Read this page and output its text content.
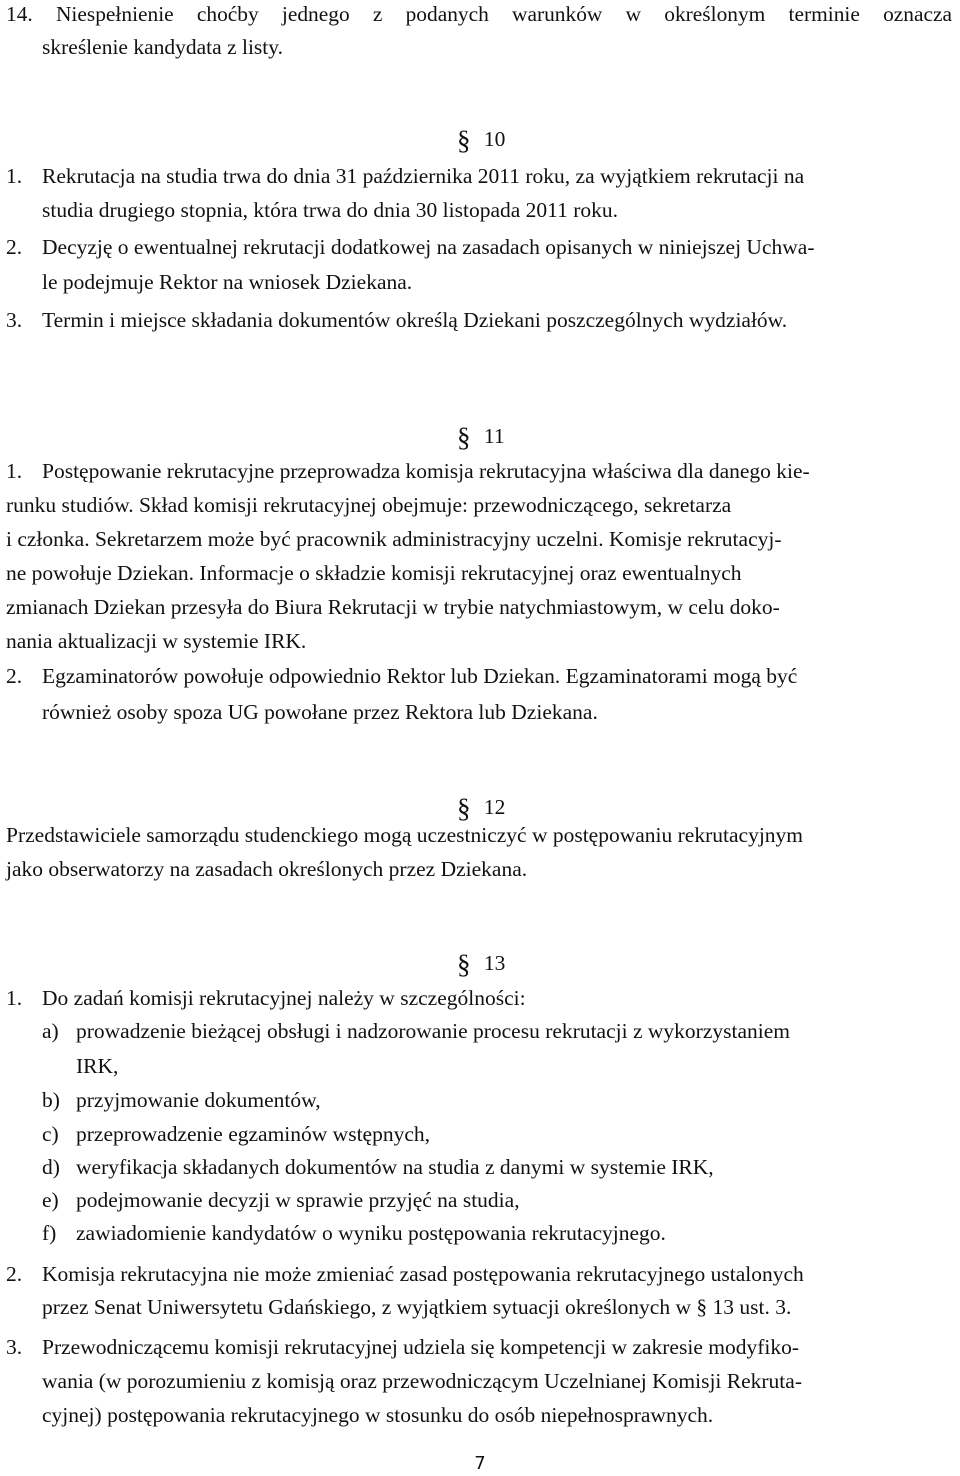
14. Niespełnienie choćby jednego z podanych warunków w określonym terminie oznacza
skreślenie kandydata z listy.
§ 10
1. Rekrutacja na studia trwa do dnia 31 października 2011 roku, za wyjątkiem rekrutacji na
studia drugiego stopnia, która trwa do dnia 30 listopada 2011 roku.
2. Decyzję o ewentualnej rekrutacji dodatkowej na zasadach opisanych w niniejszej Uchwa-
le podejmuje Rektor na wniosek Dziekana.
3. Termin i miejsce składania dokumentów określą Dziekani poszczególnych wydziałów.
§ 11
1. Postępowanie rekrutacyjne przeprowadza komisja rekrutacyjna właściwa dla danego kie-
runku studiów. Skład komisji rekrutacyjnej obejmuje: przewodniczącego, sekretarza
i członka. Sekretarzem może być pracownik administracyjny uczelni. Komisje rekrutacyj-
ne powołuje Dziekan. Informacje o składzie komisji rekrutacyjnej oraz ewentualnych
zmianach Dziekan przesyła do Biura Rekrutacji w trybie natychmiastowym, w celu doko-
nania aktualizacji w systemie IRK.
2. Egzaminatorów powołuje odpowiednio Rektor lub Dziekan. Egzaminatorami mogą być
również osoby spoza UG powołane przez Rektora lub Dziekana.
§ 12
Przedstawiciele samorządu studenckiego mogą uczestniczyć w postępowaniu rekrutacyjnym
jako obserwatorzy na zasadach określonych przez Dziekana.
§ 13
1. Do zadań komisji rekrutacyjnej należy w szczególności:
a) prowadzenie bieżącej obsługi i nadzorowanie procesu rekrutacji z wykorzystaniem
IRK,
b) przyjmowanie dokumentów,
c) przeprowadzenie egzaminów wstępnych,
d) weryfikacja składanych dokumentów na studia z danymi w systemie IRK,
e) podejmowanie decyzji w sprawie przyjęć na studia,
f) zawiadomienie kandydatów o wyniku postępowania rekrutacyjnego.
2. Komisja rekrutacyjna nie może zmieniać zasad postępowania rekrutacyjnego ustalonych
przez Senat Uniwersytetu Gdańskiego, z wyjątkiem sytuacji określonych w § 13 ust. 3.
3. Przewodniczącemu komisji rekrutacyjnej udziela się kompetencji w zakresie modyfiko-
wania (w porozumieniu z komisją oraz przewodniczącym Uczelnianej Komisji Rekruta-
cyjnej) postępowania rekrutacyjnego w stosunku do osób niepełnosprawnych.
7
